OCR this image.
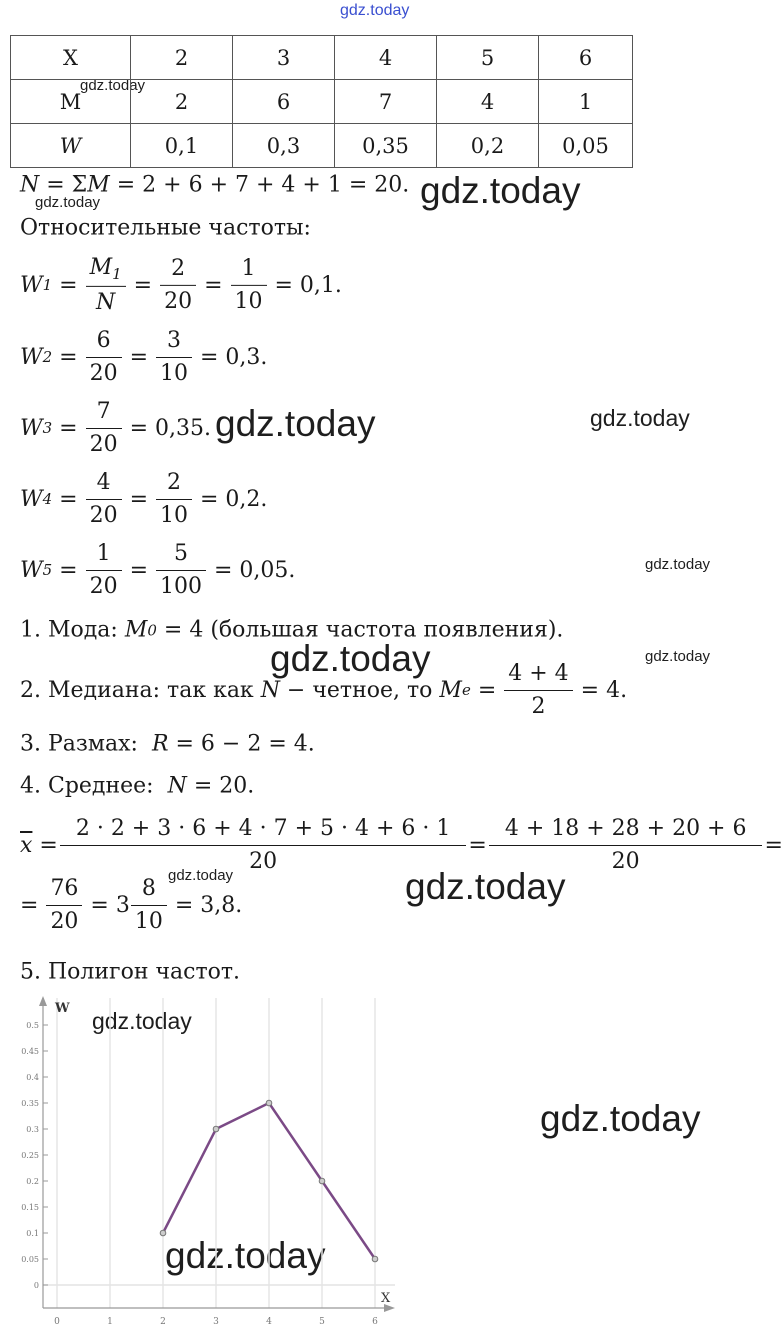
gdz.today
gdz.today
gdz.today
gdz.today
gdz.today	gdz.today
gdz.today
gdz.today	gdz.today
gdz.today	gdz.today
gdz.today
gdz.today
gdz.today
X	2	3	4	5	6
M	2	6	7	4	1
W	0,1	0,3	0,35	0,2	0,05
N = Σ M = 2 + 6 + 7 + 4 + 1 = 20.
Относительные частоты:
W $1 = \frac{M_1}{N} = \frac{2}{20} = \frac{1}{10} = 0,1$.
W $2 = \frac{6}{20} = \frac{3}{10} = 0,3$.
W $3 = \frac{7}{20} = 0,35$.
W $4 = \frac{4}{20} = \frac{2}{10} = 0,2$.
W $5 = \frac{1}{20} = \frac{5}{100} = 0,05$.
1. Мода: M 0 = 4 (большая частота появления).
2. Медиана: так как N − четное, то M $e = \frac{4 + 4}{2} = 4$.
3. Размах: R = 6 − 2 = 4.
4. Среднее: N = 20.
$\overline{x} = \frac{2 \cdot 2 + 3 \cdot 6 + 4 \cdot 7 + 5 \cdot 4 + 6 \cdot 1}{20} = \frac{4 + 18 + 28 + 20 + 6}{20}$ =
= $\frac{76}{20} = 3 \frac{8}{10} = 3,8$.
5. Полигон частот.
0	1	2	3	4	5	6
0
0.05
0.1
0.15
0.2
0.25
0.3
0.35
0.4
0.45
0.5
W
X
